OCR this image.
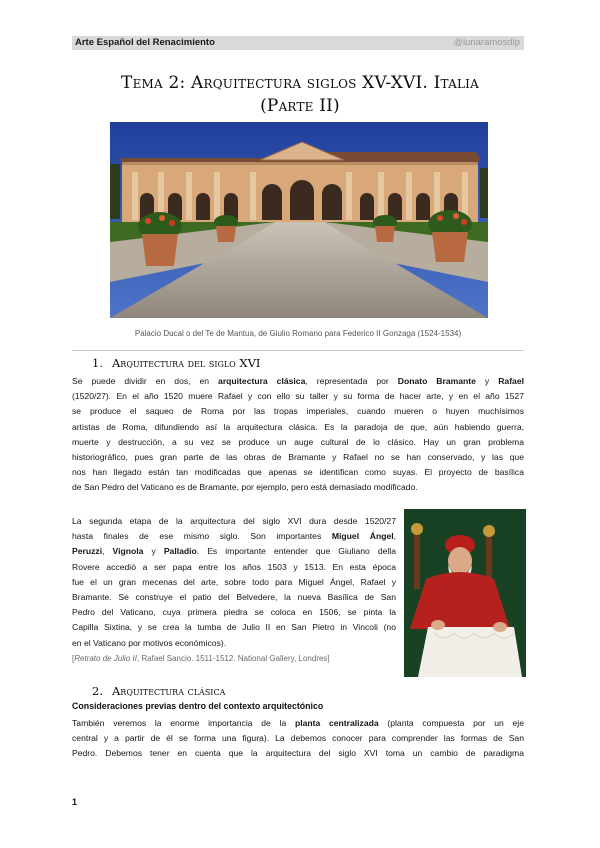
Arte Español del Renacimiento	@lunaramosdlp
Tema 2: Arquitectura siglos XV-XVI. Italia
(Parte II)
Palacio Ducal o del Te de Mantua, de Giulio Romano para Federico II Gonzaga (1524-1534)
1. Arquitectura del siglo XVI
Se puede dividir en dos, en arquitectura clásica, representada por Donato Bramante y Rafael
(1520/27). En el año 1520 muere Rafael y con ello su taller y su forma de hacer arte, y en el año 1527
se produce el saqueo de Roma por las tropas imperiales, cuando mueren o huyen muchísimos
artistas de Roma, difundiendo así la arquitectura clásica. Es la paradoja de que, aún habiendo guerra,
muerte y destrucción, a su vez se produce un auge cultural de lo clásico. Hay un gran problema
historiográfico, pues gran parte de las obras de Bramante y Rafael no se han conservado, y las que
nos han llegado están tan modificadas que apenas se identifican como suyas. El proyecto de basílica
de San Pedro del Vaticano es de Bramante, por ejemplo, pero está demasiado modificado.
La segunda etapa de la arquitectura del siglo XVI dura desde 1520/27
hasta finales de ese mismo siglo. Son importantes Miguel Ángel,
Peruzzi, Vignola y Palladio. Es importante entender que Giuliano della
Rovere accedió a ser papa entre los años 1503 y 1513. En esta época
fue el un gran mecenas del arte, sobre todo para Miguel Ángel, Rafael y
Bramante. Se construye el patio del Belvedere, la nueva Basílica de San
Pedro del Vaticano, cuya primera piedra se coloca en 1506, se pinta la
Capilla Sixtina, y se crea la tumba de Julio II en San Pietro in Vincoli (no
en el Vaticano por motivos económicos).
[Retrato de Julio II, Rafael Sancio. 1511-1512. National Gallery, Londres]
2. Arquitectura clásica
Consideraciones previas dentro del contexto arquitectónico
También veremos la enorme importancia de la planta centralizada (planta compuesta por un eje
central y a partir de él se forma una figura). La debemos conocer para comprender las formas de San
Pedro. Debemos tener en cuenta que la arquitectura del siglo XVI toma un cambio de paradigma
1
